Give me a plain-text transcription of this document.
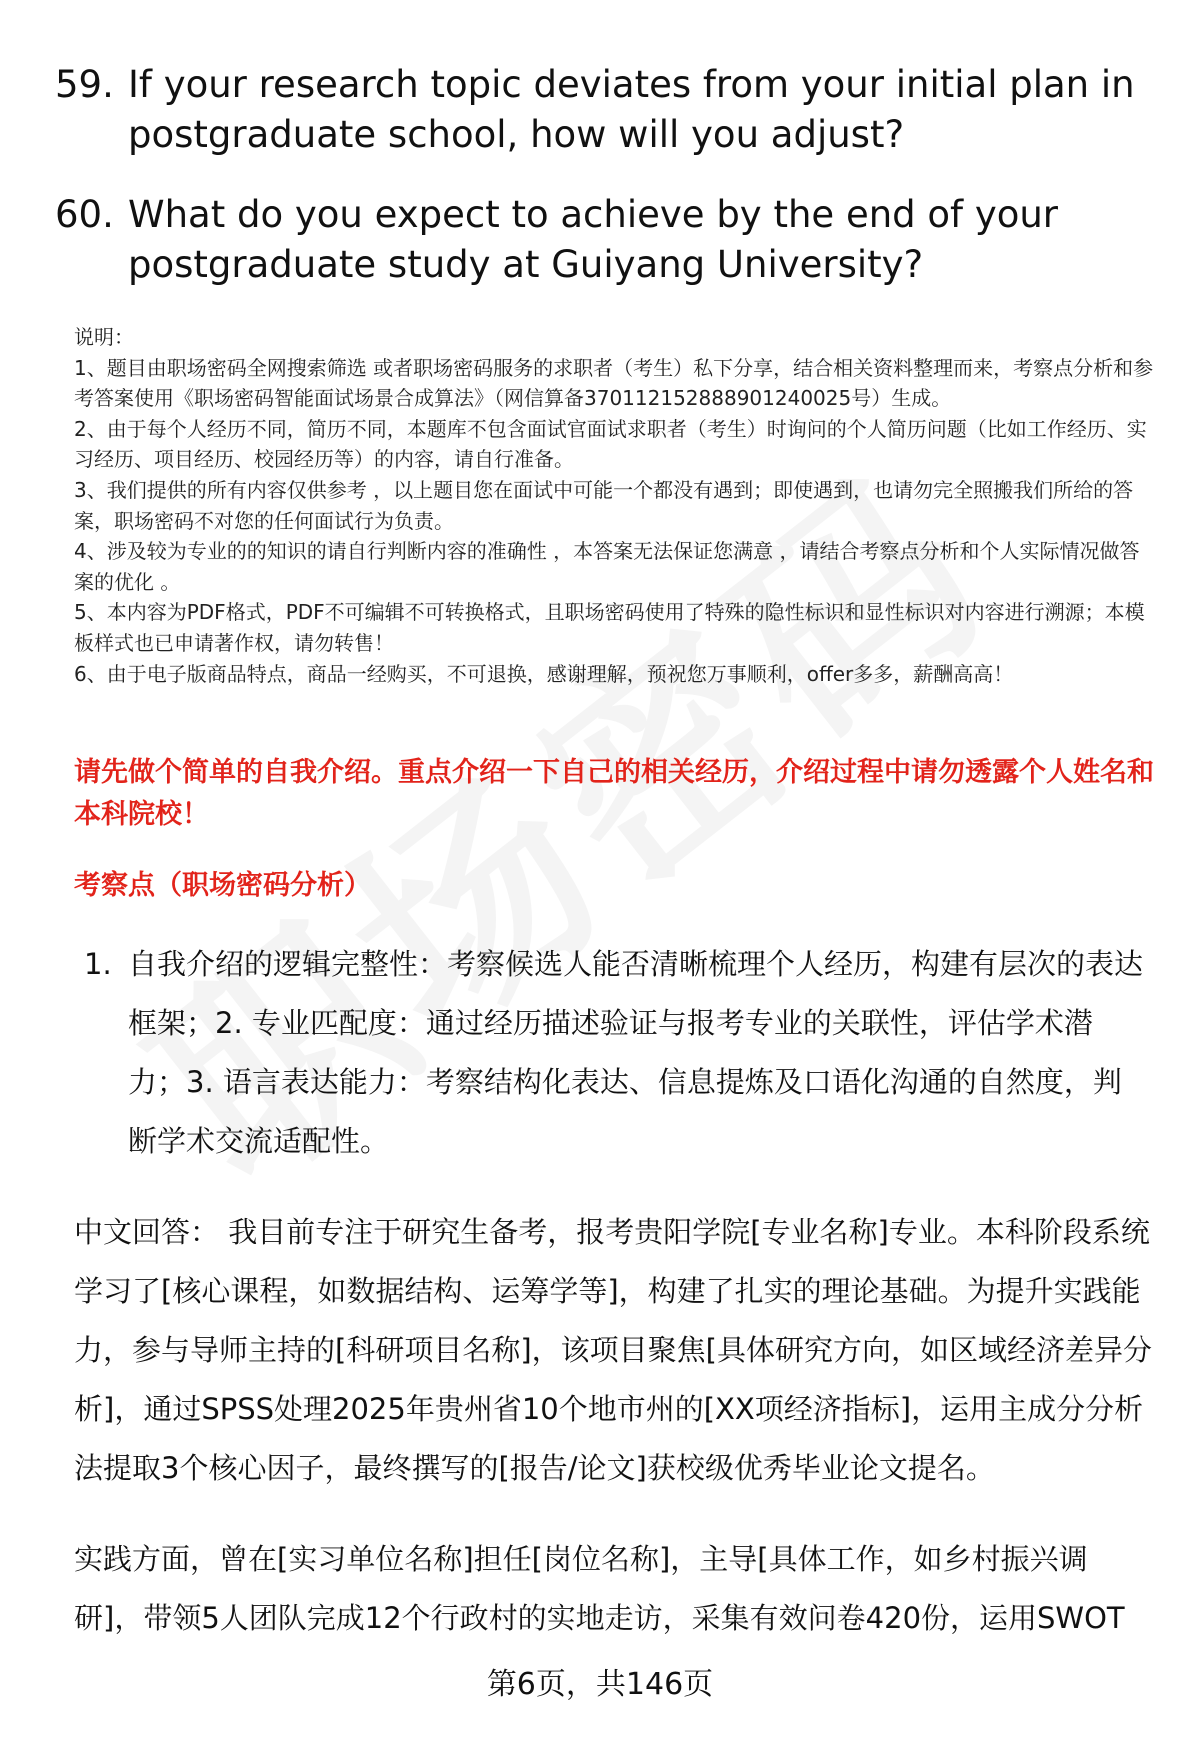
59. If your research topic deviates from your initial plan in postgraduate school, how will you adjust?
60. What do you expect to achieve by the end of your postgraduate study at Guiyang University?
说明：
1、题目由职场密码全网搜索筛选 或者职场密码服务的求职者（考生）私下分享，结合相关资料整理而来，考察点分析和参考答案使用《职场密码智能面试场景合成算法》（网信算备370112152888901240025号）生成。
2、由于每个人经历不同，简历不同，本题库不包含面试官面试求职者（考生）时询问的个人简历问题（比如工作经历、实习经历、项目经历、校园经历等）的内容，请自行准备。
3、我们提供的所有内容仅供参考 ，以上题目您在面试中可能一个都没有遇到；即使遇到，也请勿完全照搬我们所给的答案，职场密码不对您的任何面试行为负责。
4、涉及较为专业的的知识的请自行判断内容的准确性 ，本答案无法保证您满意 ，请结合考察点分析和个人实际情况做答案的优化 。
5、本内容为PDF格式，PDF不可编辑不可转换格式，且职场密码使用了特殊的隐性标识和显性标识对内容进行溯源；本模板样式也已申请著作权，请勿转售！
6、由于电子版商品特点，商品一经购买，不可退换，感谢理解，预祝您万事顺利，offer多多，薪酬高高！
请先做个简单的自我介绍。重点介绍一下自己的相关经历，介绍过程中请勿透露个人姓名和本科院校！
考察点（职场密码分析）
1. 自我介绍的逻辑完整性：考察候选人能否清晰梳理个人经历，构建有层次的表达框架；2. 专业匹配度：通过经历描述验证与报考专业的关联性，评估学术潜力；3. 语言表达能力：考察结构化表达、信息提炼及口语化沟通的自然度，判断学术交流适配性。
中文回答： 我目前专注于研究生备考，报考贵阳学院[专业名称]专业。本科阶段系统学习了[核心课程，如数据结构、运筹学等]，构建了扎实的理论基础。为提升实践能力，参与导师主持的[科研项目名称]，该项目聚焦[具体研究方向，如区域经济差异分析]，通过SPSS处理2025年贵州省10个地市州的[XX项经济指标]，运用主成分分析法提取3个核心因子，最终撰写的[报告/论文]获校级优秀毕业论文提名。
实践方面，曾在[实习单位名称]担任[岗位名称]，主导[具体工作，如乡村振兴调研]，带领5人团队完成12个行政村的实地走访，采集有效问卷420份，运用SWOT
第6页，共146页
